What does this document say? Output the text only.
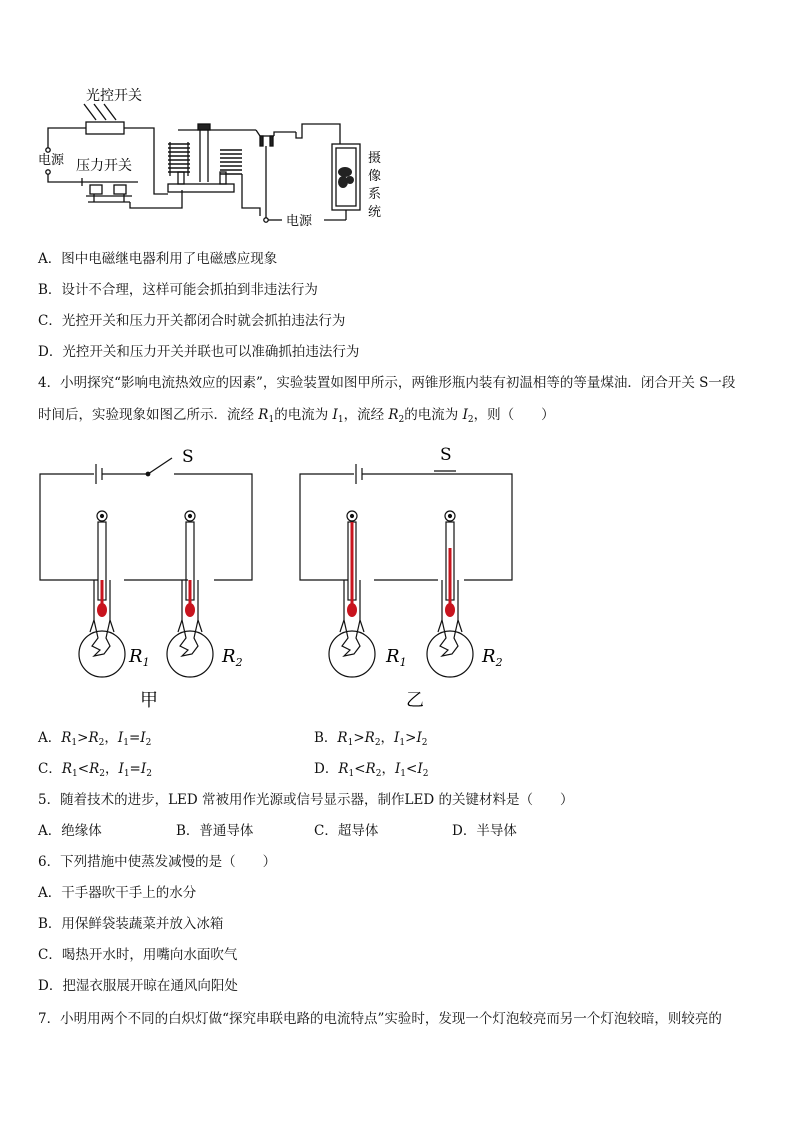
光控开关
电源 压力开关
电源
摄
像
系
统
A．图中电磁继电器利用了电磁感应现象
B．设计不合理，这样可能会抓拍到非违法行为
C．光控开关和压力开关都闭合时就会抓拍违法行为
D．光控开关和压力开关并联也可以准确抓拍违法行为
4．小明探究“影响电流热效应的因素”，实验装置如图甲所示，两锥形瓶内装有初温相等的等量煤油．闭合开关 S一段
时间后，实验现象如图乙所示．流经 $R_1$的电流为 $I_1$，流经 $R_2$的电流为 $I_2$，则（　　）
S
$R_1$	$R_2$
甲
S
$R_1$	$R_2$
乙
A．$R_1>R_2$，$I_1=I_2$	B．$R_1>R_2$，$I_1>I_2$
C．$R_1<R_2$，$I_1=I_2$	D．$R_1<R_2$，$I_1<I_2$
5．随着技术的进步，LED 常被用作光源或信号显示器，制作LED 的关键材料是（　　）
A．绝缘体	B．普通导体	C．超导体	D．半导体
6．下列措施中使蒸发减慢的是（　　）
A．干手器吹干手上的水分
B．用保鲜袋装蔬菜并放入冰箱
C．喝热开水时，用嘴向水面吹气
D．把湿衣服展开晾在通风向阳处
7．小明用两个不同的白炽灯做“探究串联电路的电流特点”实验时，发现一个灯泡较亮而另一个灯泡较暗，则较亮的
